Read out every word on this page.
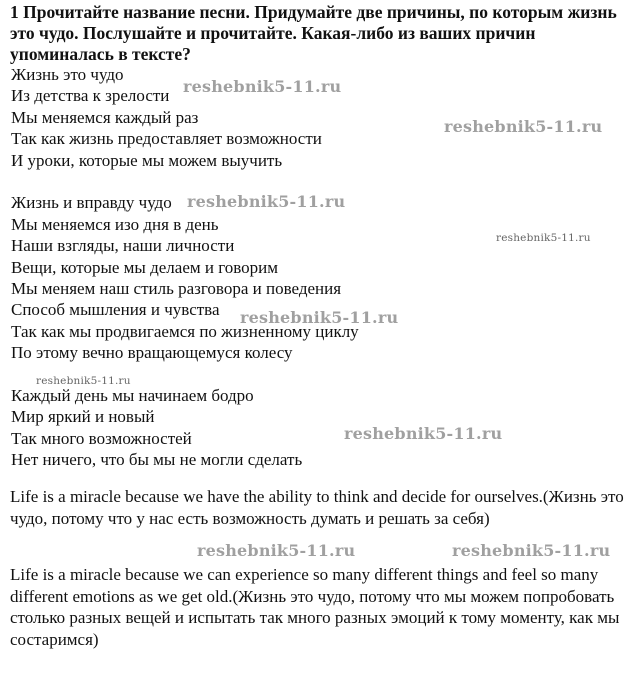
1 Прочитайте название песни. Придумайте две причины, по которым жизнь это чудо. Послушайте и прочитайте. Какая-либо из ваших причин упоминалась в тексте?
Жизнь это чудо
Из детства к зрелости
Мы меняемся каждый раз
Так как жизнь предоставляет возможности
И уроки, которые мы можем выучить
Жизнь и вправду чудо
Мы меняемся изо дня в день
Наши взгляды, наши личности
Вещи, которые мы делаем и говорим
Мы меняем наш стиль разговора и поведения
Способ мышления и чувства
Так как мы продвигаемся по жизненному циклу
По этому вечно вращающемуся колесу
Каждый день мы начинаем бодро
Мир яркий и новый
Так много возможностей
Нет ничего, что бы мы не могли сделать
Life is a miracle because we have the ability to think and decide for ourselves.(Жизнь это чудо, потому что у нас есть возможность думать и решать за себя)
Life is a miracle because we can experience so many different things and feel so many different emotions as we get old.(Жизнь это чудо, потому что мы можем попробовать столько разных вещей и испытать так много разных эмоций к тому моменту, как мы состаримся)
reshebnik5-11.ru
reshebnik5-11.ru
reshebnik5-11.ru
reshebnik5-11.ru
reshebnik5-11.ru
reshebnik5-11.ru
reshebnik5-11.ru
reshebnik5-11.ru	reshebnik5-11.ru
